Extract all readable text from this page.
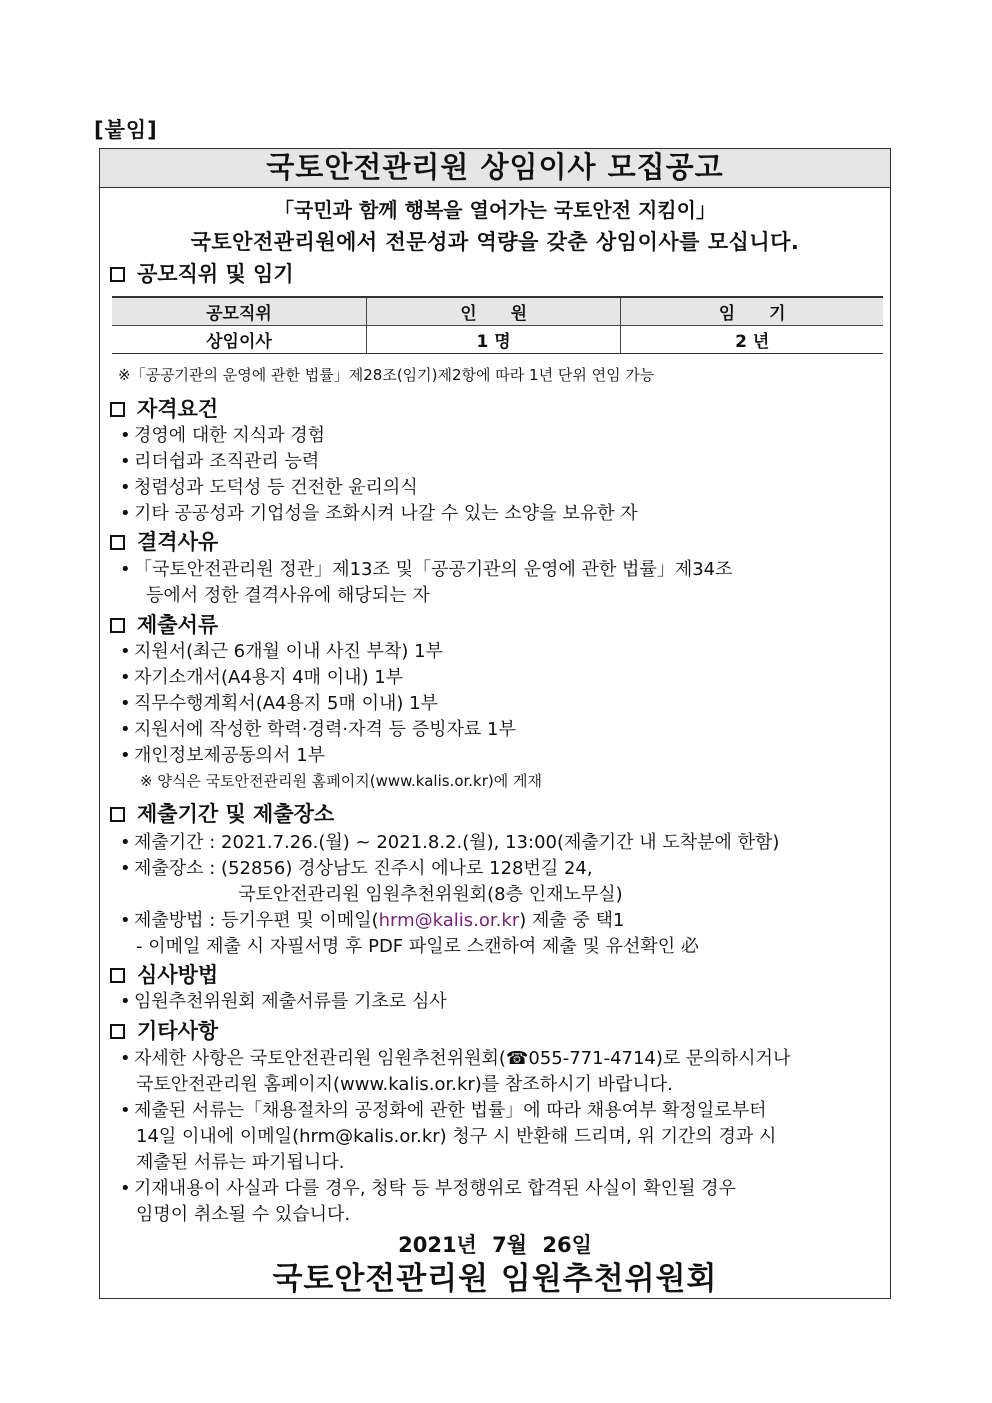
[붙임]
국토안전관리원 상임이사 모집공고
「국민과 함께 행복을 열어가는 국토안전 지킴이」
국토안전관리원에서 전문성과 역량을 갖춘 상임이사를 모십니다.
공모직위 및 임기
공모직위	인　　원	임　　기
상임이사	1 명	2 년
※「공공기관의 운영에 관한 법률」제28조(임기)제2항에 따라 1년 단위 연임 가능
자격요건
• 경영에 대한 지식과 경험
• 리더쉽과 조직관리 능력
• 청렴성과 도덕성 등 건전한 윤리의식
• 기타 공공성과 기업성을 조화시켜 나갈 수 있는 소양을 보유한 자
결격사유
• 「국토안전관리원 정관」제13조 및「공공기관의 운영에 관한 법률」제34조
등에서 정한 결격사유에 해당되는 자
제출서류
• 지원서(최근 6개월 이내 사진 부착) 1부
• 자기소개서(A4용지 4매 이내) 1부
• 직무수행계획서(A4용지 5매 이내) 1부
• 지원서에 작성한 학력·경력·자격 등 증빙자료 1부
• 개인정보제공동의서 1부
※ 양식은 국토안전관리원 홈페이지(www.kalis.or.kr)에 게재
제출기간 및 제출장소
• 제출기간 : 2021.7.26.(월) ~ 2021.8.2.(월), 13:00(제출기간 내 도착분에 한함)
• 제출장소 : (52856) 경상남도 진주시 에나로 128번길 24,
국토안전관리원 임원추천위원회(8층 인재노무실)
• 제출방법 : 등기우편 및 이메일(hrm@kalis.or.kr) 제출 중 택1
- 이메일 제출 시 자필서명 후 PDF 파일로 스캔하여 제출 및 유선확인 必
심사방법
• 임원추천위원회 제출서류를 기초로 심사
기타사항
• 자세한 사항은 국토안전관리원 임원추천위원회(☎055-771-4714)로 문의하시거나
국토안전관리원 홈페이지(www.kalis.or.kr)를 참조하시기 바랍니다.
• 제출된 서류는「채용절차의 공정화에 관한 법률」에 따라 채용여부 확정일로부터
14일 이내에 이메일(hrm@kalis.or.kr) 청구 시 반환해 드리며, 위 기간의 경과 시
제출된 서류는 파기됩니다.
• 기재내용이 사실과 다를 경우, 청탁 등 부정행위로 합격된 사실이 확인될 경우
임명이 취소될 수 있습니다.
2021년 7월 26일
국토안전관리원 임원추천위원회
